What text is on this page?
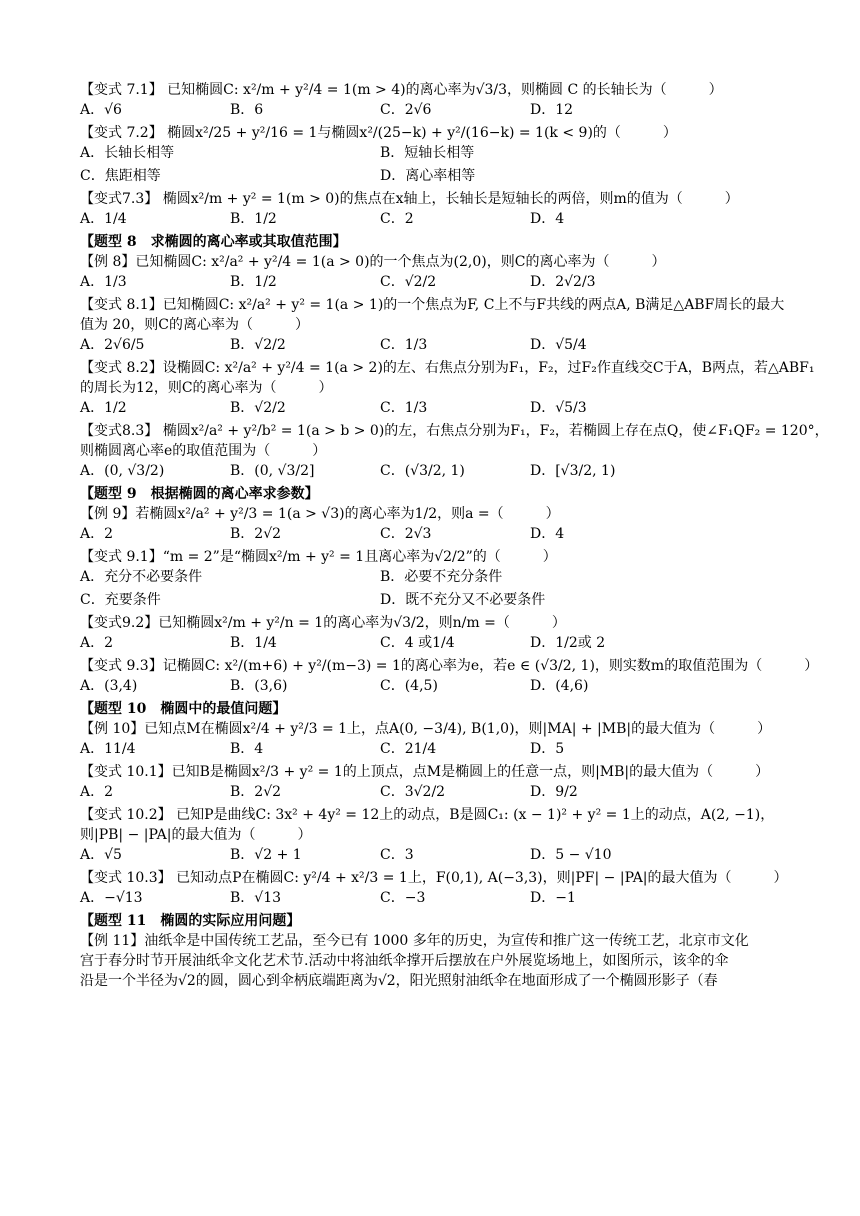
【变式 7.1】 已知椭圆C: x²/m + y²/4 = 1(m > 4)的离心率为√3/3，则椭圆 C 的长轴长为（　　　）
A．√6	B．6	C．2√6	D．12
【变式 7.2】 椭圆x²/25 + y²/16 = 1与椭圆x²/(25−k) + y²/(16−k) = 1(k < 9)的（　　　）
A．长轴长相等	B．短轴长相等
C．焦距相等	D．离心率相等
【变式7.3】 椭圆x²/m + y² = 1(m > 0)的焦点在x轴上，长轴长是短轴长的两倍，则m的值为（　　　）
A．1/4	B．1/2	C．2	D．4
【题型 8　求椭圆的离心率或其取值范围】
【例 8】已知椭圆C: x²/a² + y²/4 = 1(a > 0)的一个焦点为(2,0)，则C的离心率为（　　　）
A．1/3	B．1/2	C．√2/2	D．2√2/3
【变式 8.1】已知椭圆C: x²/a² + y² = 1(a > 1)的一个焦点为F, C上不与F共线的两点A, B满足△ABF周长的最大
值为 20，则C的离心率为（　　　）
A．2√6/5	B．√2/2	C．1/3	D．√5/4
【变式 8.2】设椭圆C: x²/a² + y²/4 = 1(a > 2)的左、右焦点分别为F₁，F₂，过F₂作直线交C于A，B两点，若△ABF₁
的周长为12，则C的离心率为（　　　）
A．1/2	B．√2/2	C．1/3	D．√5/3
【变式8.3】 椭圆x²/a² + y²/b² = 1(a > b > 0)的左，右焦点分别为F₁，F₂，若椭圆上存在点Q，使∠F₁QF₂ = 120°，
则椭圆离心率e的取值范围为（　　　）
A．(0, √3/2)	B．(0, √3/2]	C．(√3/2, 1)	D．[√3/2, 1)
【题型 9　根据椭圆的离心率求参数】
【例 9】若椭圆x²/a² + y²/3 = 1(a > √3)的离心率为1/2，则a =（　　　）
A．2	B．2√2	C．2√3	D．4
【变式 9.1】“m = 2”是“椭圆x²/m + y² = 1且离心率为√2/2”的（　　　）
A．充分不必要条件	B．必要不充分条件
C．充要条件	D．既不充分又不必要条件
【变式9.2】已知椭圆x²/m + y²/n = 1的离心率为√3/2，则n/m =（　　　）
A．2	B．1/4	C．4 或1/4	D．1/2或 2
【变式 9.3】记椭圆C: x²/(m+6) + y²/(m−3) = 1的离心率为e，若e ∈ (√3/2, 1)，则实数m的取值范围为（　　　）
A．(3,4)	B．(3,6)	C．(4,5)	D．(4,6)
【题型 10　椭圆中的最值问题】
【例 10】已知点M在椭圆x²/4 + y²/3 = 1上，点A(0, −3/4), B(1,0)，则|MA| + |MB|的最大值为（　　　）
A．11/4	B．4	C．21/4	D．5
【变式 10.1】已知B是椭圆x²/3 + y² = 1的上顶点，点M是椭圆上的任意一点，则|MB|的最大值为（　　　）
A．2	B．2√2	C．3√2/2	D．9/2
【变式 10.2】 已知P是曲线C: 3x² + 4y² = 12上的动点，B是圆C₁: (x − 1)² + y² = 1上的动点，A(2, −1)，
则|PB| − |PA|的最大值为（　　　）
A．√5	B．√2 + 1	C．3	D．5 − √10
【变式 10.3】 已知动点P在椭圆C: y²/4 + x²/3 = 1上，F(0,1), A(−3,3)，则|PF| − |PA|的最大值为（　　　）
A．−√13	B．√13	C．−3	D．−1
【题型 11　椭圆的实际应用问题】
【例 11】油纸伞是中国传统工艺品，至今已有 1000 多年的历史，为宣传和推广这一传统工艺，北京市文化
宫于春分时节开展油纸伞文化艺术节.活动中将油纸伞撑开后摆放在户外展览场地上，如图所示，该伞的伞
沿是一个半径为√2的圆，圆心到伞柄底端距离为√2，阳光照射油纸伞在地面形成了一个椭圆形影子（春
